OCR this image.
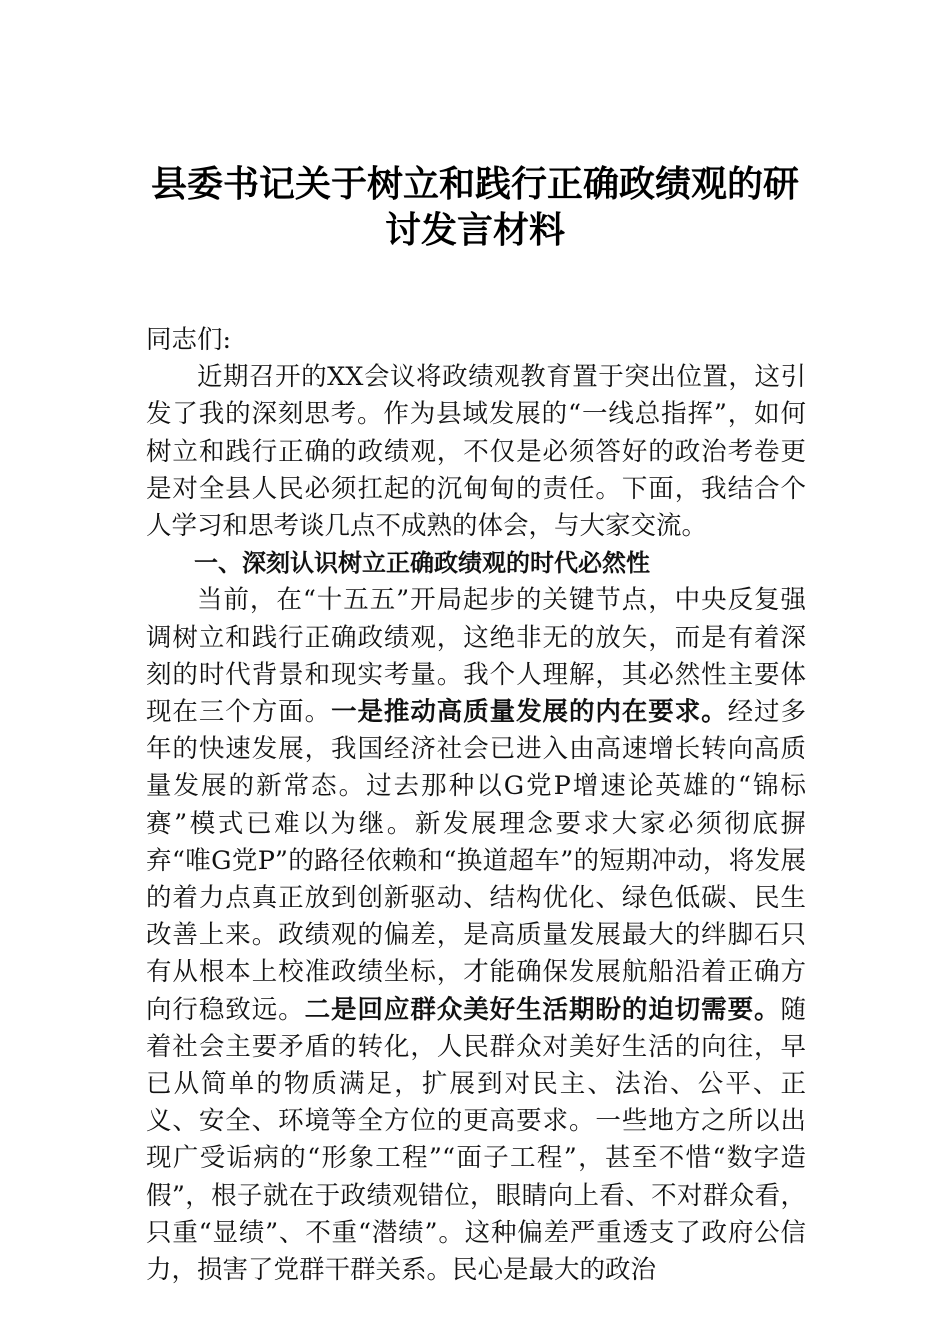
县委书记关于树立和践行正确政绩观的研
讨发言材料

同志们:

近期召开的XX会议将政绩观教育置于突出位置，这引发了我的深刻思考。作为县域发展的“一线总指挥”，如何树立和践行正确的政绩观，不仅是必须答好的政治考卷更是对全县人民必须扛起的沉甸甸的责任。下面，我结合个人学习和思考谈几点不成熟的体会，与大家交流。

一、深刻认识树立正确政绩观的时代必然性

当前，在“十五五”开局起步的关键节点，中央反复强调树立和践行正确政绩观，这绝非无的放矢，而是有着深刻的时代背景和现实考量。我个人理解，其必然性主要体现在三个方面。一是推动高质量发展的内在要求。经过多年的快速发展，我国经济社会已进入由高速增长转向高质量发展的新常态。过去那种以G党P增速论英雄的“锦标赛”模式已难以为继。新发展理念要求大家必须彻底摒弃“唯G党P”的路径依赖和“换道超车”的短期冲动，将发展的着力点真正放到创新驱动、结构优化、绿色低碳、民生改善上来。政绩观的偏差，是高质量发展最大的绊脚石只有从根本上校准政绩坐标，才能确保发展航船沿着正确方向行稳致远。二是回应群众美好生活期盼的迫切需要。随着社会主要矛盾的转化，人民群众对美好生活的向往，早已从简单的物质满足，扩展到对民主、法治、公平、正义、安全、环境等全方位的更高要求。一些地方之所以出现广受诟病的“形象工程”“面子工程”，甚至不惜“数字造假”，根子就在于政绩观错位，眼睛向上看、不对群众看，只重“显绩”、不重“潜绩”。这种偏差严重透支了政府公信力，损害了党群干群关系。民心是最大的政治
